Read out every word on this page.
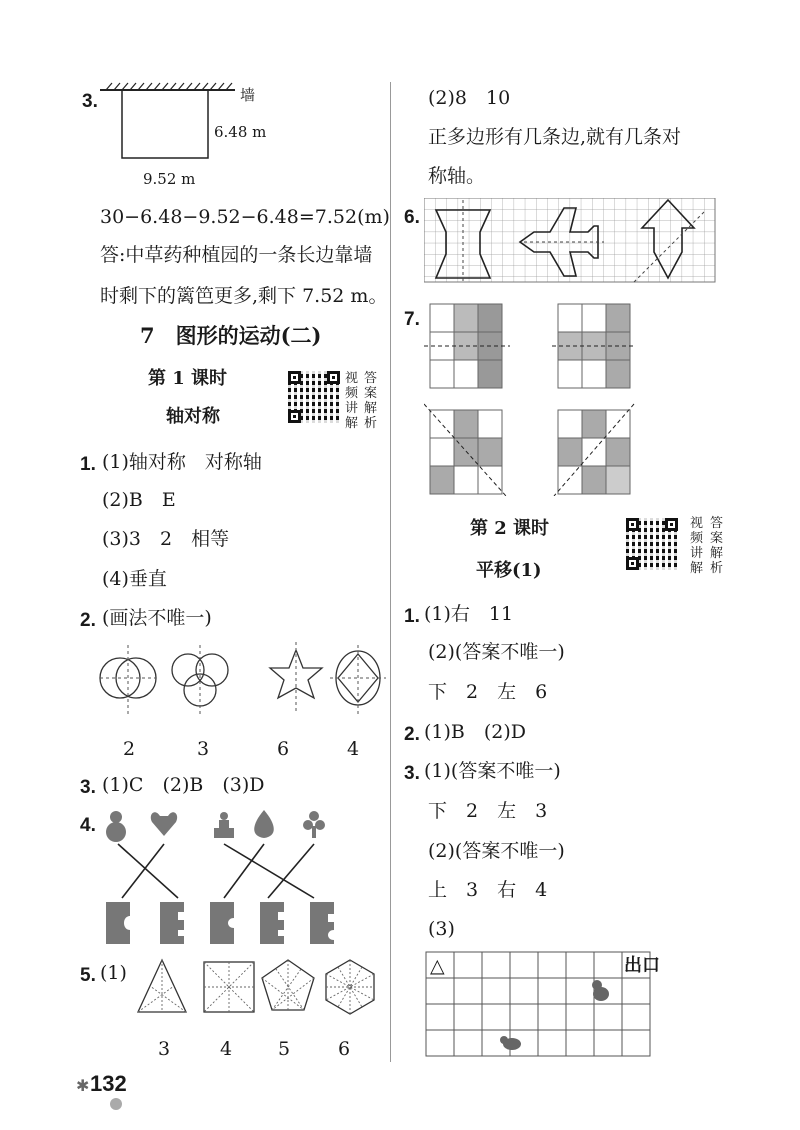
3.	墙
6.48 m
9.52 m
30−6.48−9.52−6.48=7.52(m)
答:中草药种植园的一条长边靠墙
时剩下的篱笆更多,剩下 7.52 m。
7　图形的运动(二)
第 1 课时
轴对称
视
频
讲
解
答
案
解
析
1. (1)轴对称　对称轴
(2)B　E
(3)3　2　相等
(4)垂直
2. (画法不唯一)
2	3	6	4
3. (1)C　(2)B　(3)D
4.
5. (1)
3	4 5	6
(2)8　10
正多边形有几条边,就有几条对
称轴。
6.
7.
第 2 课时
平移(1)
视
频
讲
解
答
案
解
析
1. (1)右　11
(2)(答案不唯一)
下　2　左　6
2. (1)B　(2)D
3. (1)(答案不唯一)
下　2　左　3
(2)(答案不唯一)
上　3　右　4
(3)
△	出口
✱ 132
